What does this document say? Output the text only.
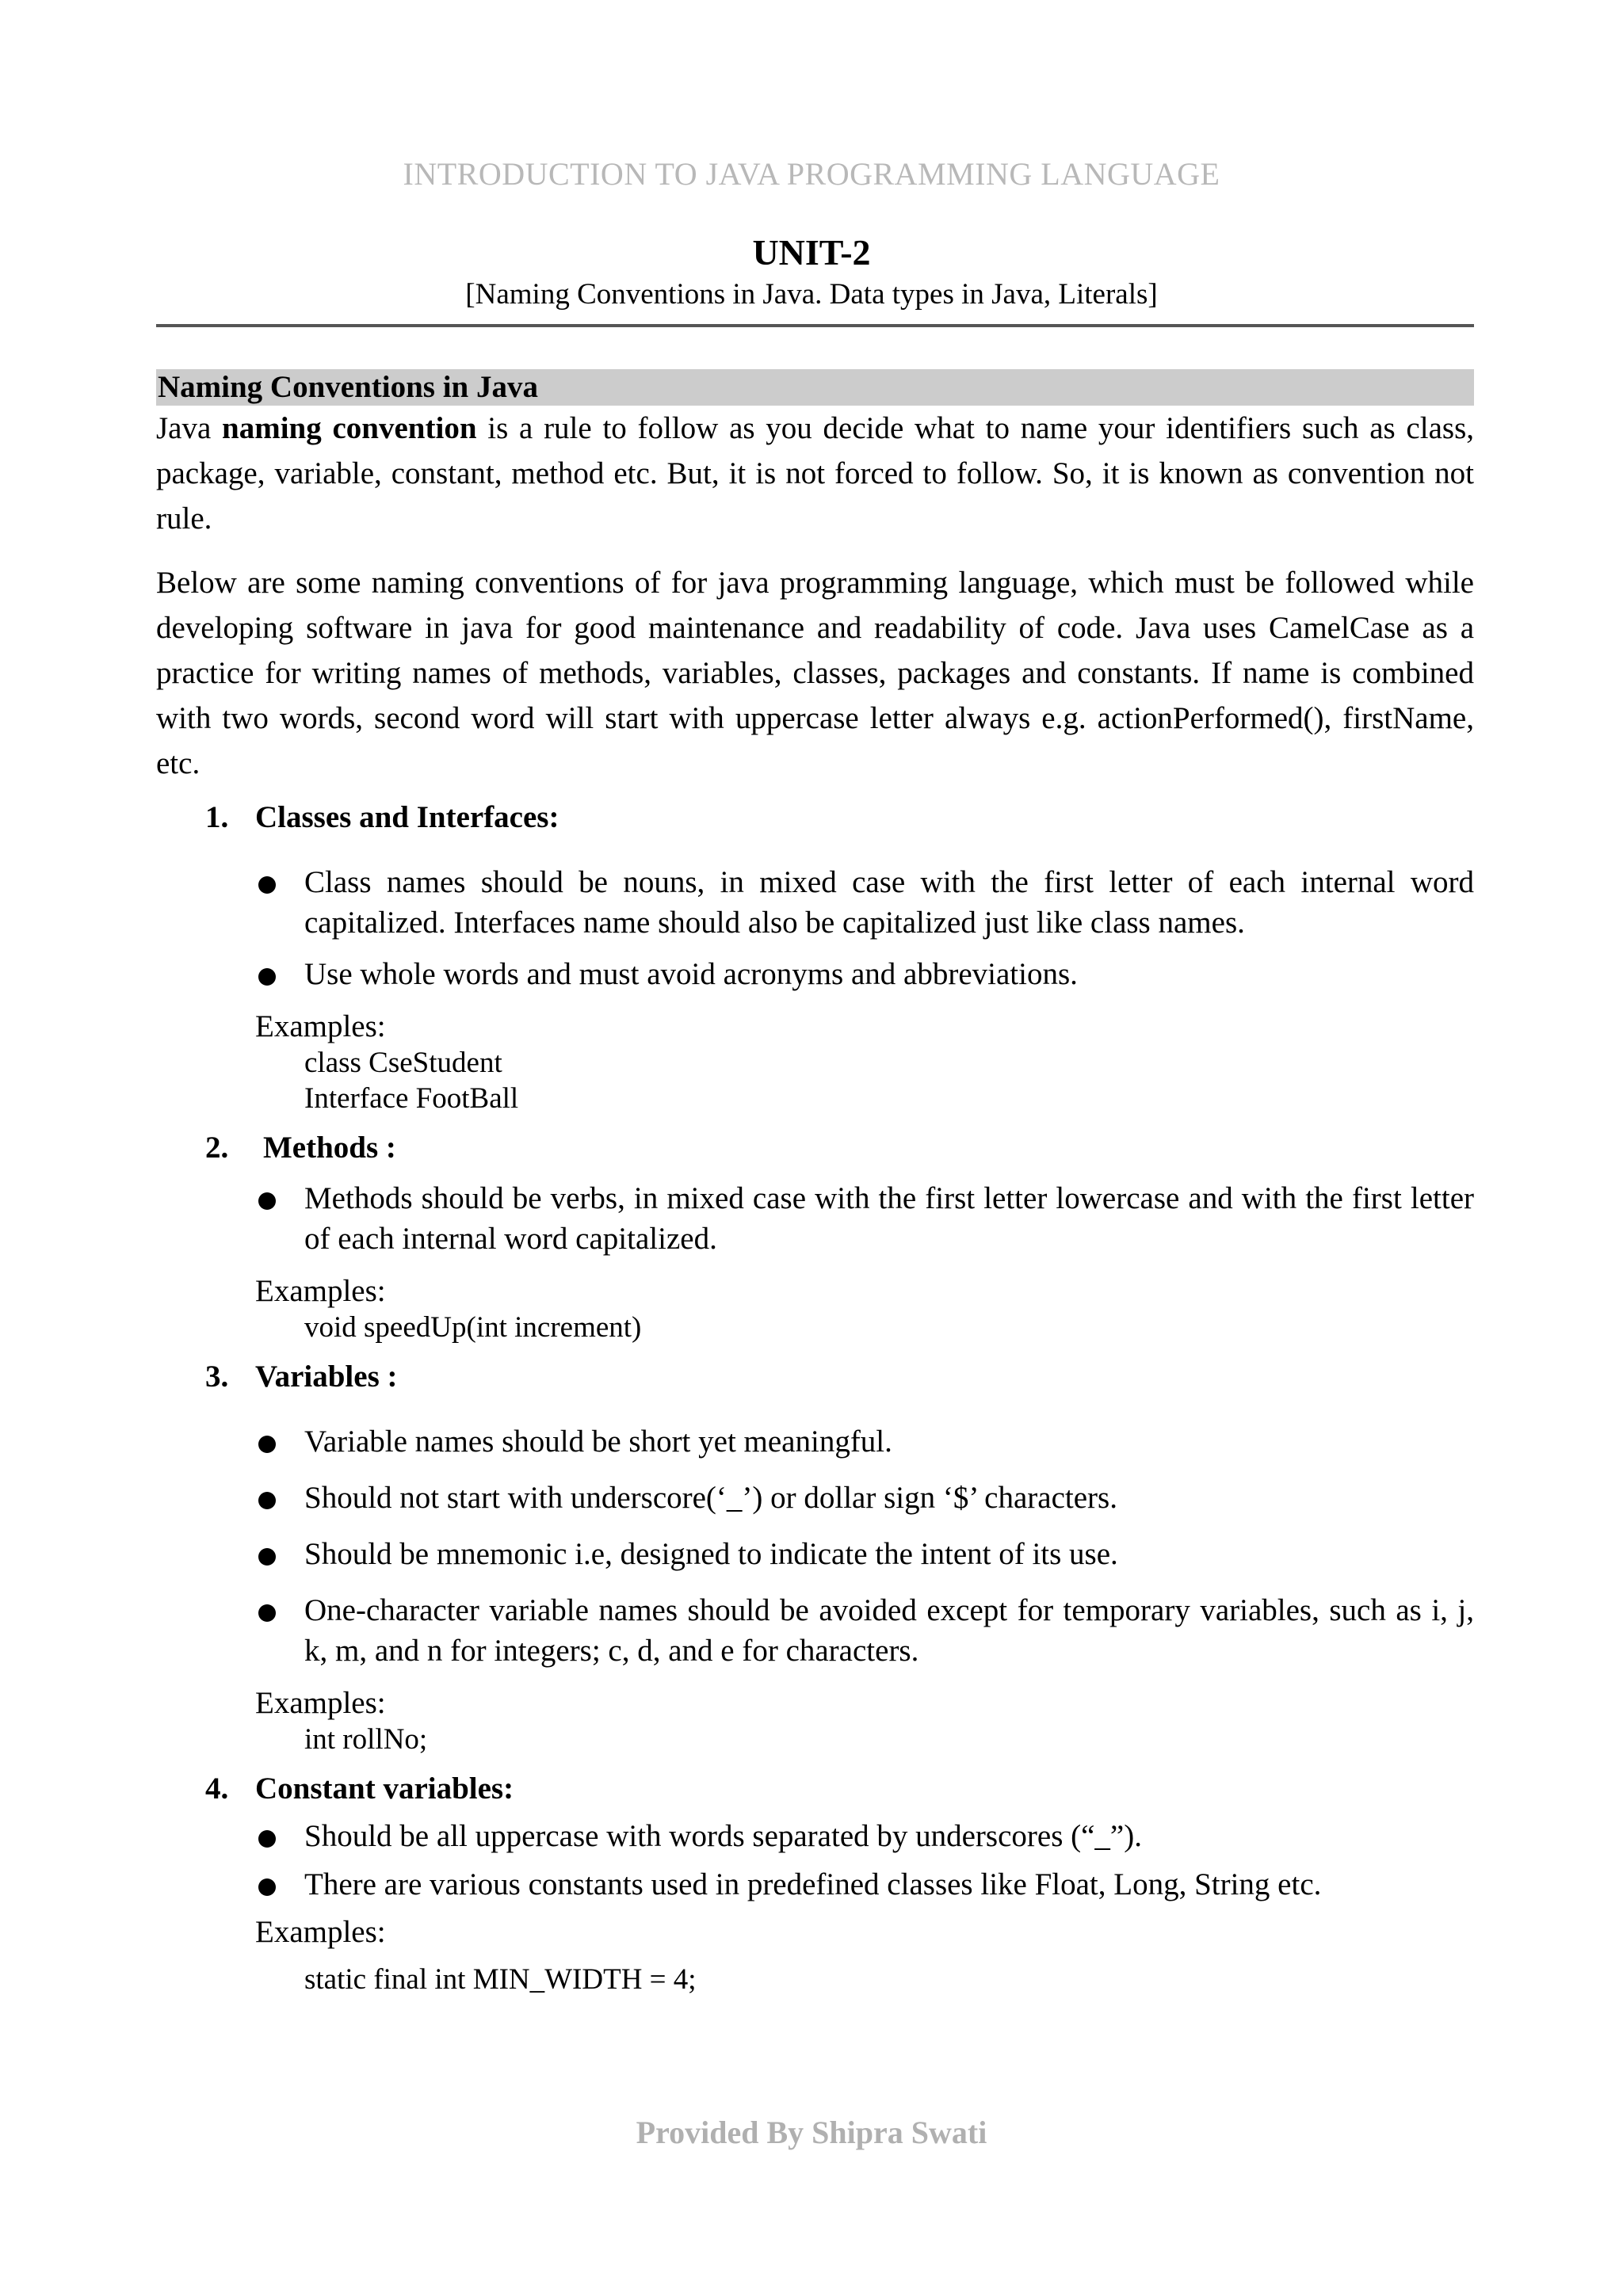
INTRODUCTION TO JAVA PROGRAMMING LANGUAGE
UNIT-2
[Naming Conventions in Java. Data types in Java, Literals]
Naming Conventions in Java

Java naming convention is a rule to follow as you decide what to name your identifiers such as class, package, variable, constant, method etc. But, it is not forced to follow. So, it is known as convention not rule.

Below are some naming conventions of for java programming language, which must be followed while developing software in java for good maintenance and readability of code. Java uses CamelCase as a practice for writing names of methods, variables, classes, packages and constants. If name is combined with two words, second word will start with uppercase letter always e.g. actionPerformed(), firstName, etc.

1. Classes and Interfaces:
Class names should be nouns, in mixed case with the first letter of each internal word capitalized. Interfaces name should also be capitalized just like class names.
Use whole words and must avoid acronyms and abbreviations.
Examples:
class CseStudent
Interface FootBall
2. Methods :
Methods should be verbs, in mixed case with the first letter lowercase and with the first letter of each internal word capitalized.
Examples:
void speedUp(int increment)
3. Variables :
Variable names should be short yet meaningful.
Should not start with underscore(‘_’) or dollar sign ‘$’ characters.
Should be mnemonic i.e, designed to indicate the intent of its use.
One-character variable names should be avoided except for temporary variables, such as i, j, k, m, and n for integers; c, d, and e for characters.
Examples:
int rollNo;
4. Constant variables:
Should be all uppercase with words separated by underscores (“_”).
There are various constants used in predefined classes like Float, Long, String etc.
Examples:
static final int MIN_WIDTH = 4;
Provided By Shipra Swati
